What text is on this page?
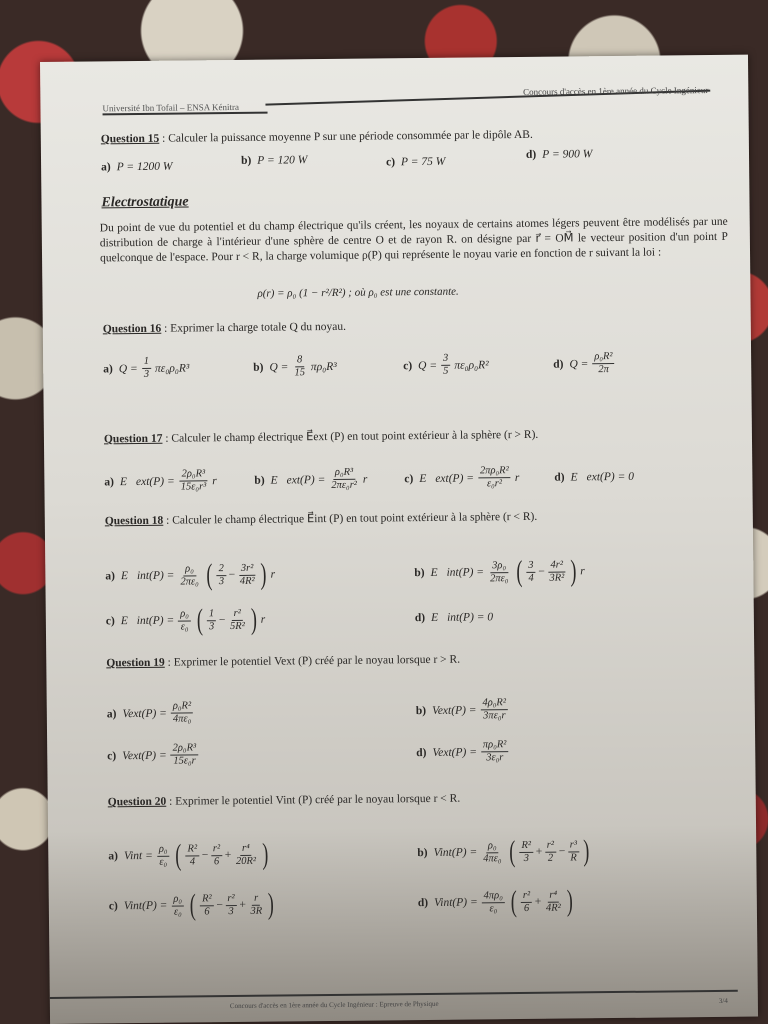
Université Ibn Tofail – ENSA Kénitra
Concours d'accès en 1ère année du Cycle Ingénieur
Question 15 : Calculer la puissance moyenne P sur une période consommée par le dipôle AB.
a) P = 1200 W	b) P = 120 W	c) P = 75 W
d) P = 900 W
Electrostatique
Du point de vue du potentiel et du champ électrique qu'ils créent, les noyaux de certains atomes légers peuvent être modélisés par une distribution de charge à l'intérieur d'une sphère de centre O et de rayon R. on désigne par r⃗ = OM⃗ le vecteur position d'un point P quelconque de l'espace. Pour r < R, la charge volumique ρ(P) qui représente le noyau varie en fonction de r suivant la loi :
ρ(r) = ρ₀ (1 − r²/R²) ; où ρ₀ est une constante.
Question 16 : Exprimer la charge totale Q du noyau.
a) $Q = \frac{1}{3} \pi\varepsilon_0\rho_0R^3$	b) $Q = \frac{8}{15} \pi\rho_0R^3$	c) $Q = \frac{3}{5} \pi\varepsilon_0\rho_0R^2$	d) $Q = \frac{\text{ρ₀R²}}{2\pi}$
Question 17 : Calculer le champ électrique E⃗ext (P) en tout point extérieur à la sphère (r > R).
a) E⃗ext(P) = $\frac{\text{2ρ₀R³}}{\text{15ε₀r³}}$ r⃗ b) E⃗ext(P) = $\frac{\text{ρ₀R³}}{\text{2πε₀r²}}$ r⃗ c) E⃗ext(P) = $\frac{\text{2πρ₀R²}}{\text{ε₀r²}}$ r⃗ d) E⃗ext(P) = 0⃗
Question 18 : Calculer le champ électrique E⃗int (P) en tout point extérieur à la sphère (r < R).
a) E⃗int(P) = $\frac{\text{ρ₀}}{\text{2πε₀}}$ ( $\frac{2}{3} - \frac{\text{3r²}}{\text{4R²}}$ ) r⃗	b) E⃗int(P) = $\frac{\text{3ρ₀}}{\text{2πε₀}}$ ( $\frac{3}{4} - \frac{\text{4r²}}{\text{3R²}}$ ) r⃗
c) E⃗int(P) = $\frac{\text{ρ₀}}{\text{ε₀}}$ ( $\frac{1}{3} - \frac{\text{r²}}{\text{5R²}}$ ) r⃗	d) E⃗int(P) = 0⃗
Question 19 : Exprimer le potentiel Vext (P) créé par le noyau lorsque r > R.
a) Vext(P) = $\frac{\text{ρ₀R²}}{\text{4πε₀}}$	b) Vext(P) = $\frac{\text{4ρ₀R²}}{\text{3πε₀r}}$
c) Vext(P) = $\frac{\text{2ρ₀R³}}{\text{15ε₀r}}$	d) Vext(P) = $\frac{\text{πρ₀R²}}{\text{3ε₀r}}$
Question 20 : Exprimer le potentiel Vint (P) créé par le noyau lorsque r < R.
a) Vint = $\frac{\text{ρ₀}}{\text{ε₀}}$ ( $\frac{\text{R²}}{4} - \frac{\text{r²}}{6} + \frac{\text{r⁴}}{\text{20R²}}$ )	b) Vint(P) = $\frac{\text{ρ₀}}{\text{4πε₀}}$ ( $\frac{\text{R²}}{3} + \frac{\text{r²}}{2} - \frac{\text{r³}}{R}$ )
c) Vint(P) = $\frac{\text{ρ₀}}{\text{ε₀}}$ ( $\frac{\text{R²}}{6} - \frac{\text{r²}}{3} + \frac{r}{3R}$ )	d) Vint(P) = $\frac{\text{4πρ₀}}{\text{ε₀}}$ ( $\frac{\text{r²}}{6} + \frac{\text{r⁴}}{\text{4R²}}$ )
Concours d'accès en 1ère année du Cycle Ingénieur : Epreuve de Physique	3/4
